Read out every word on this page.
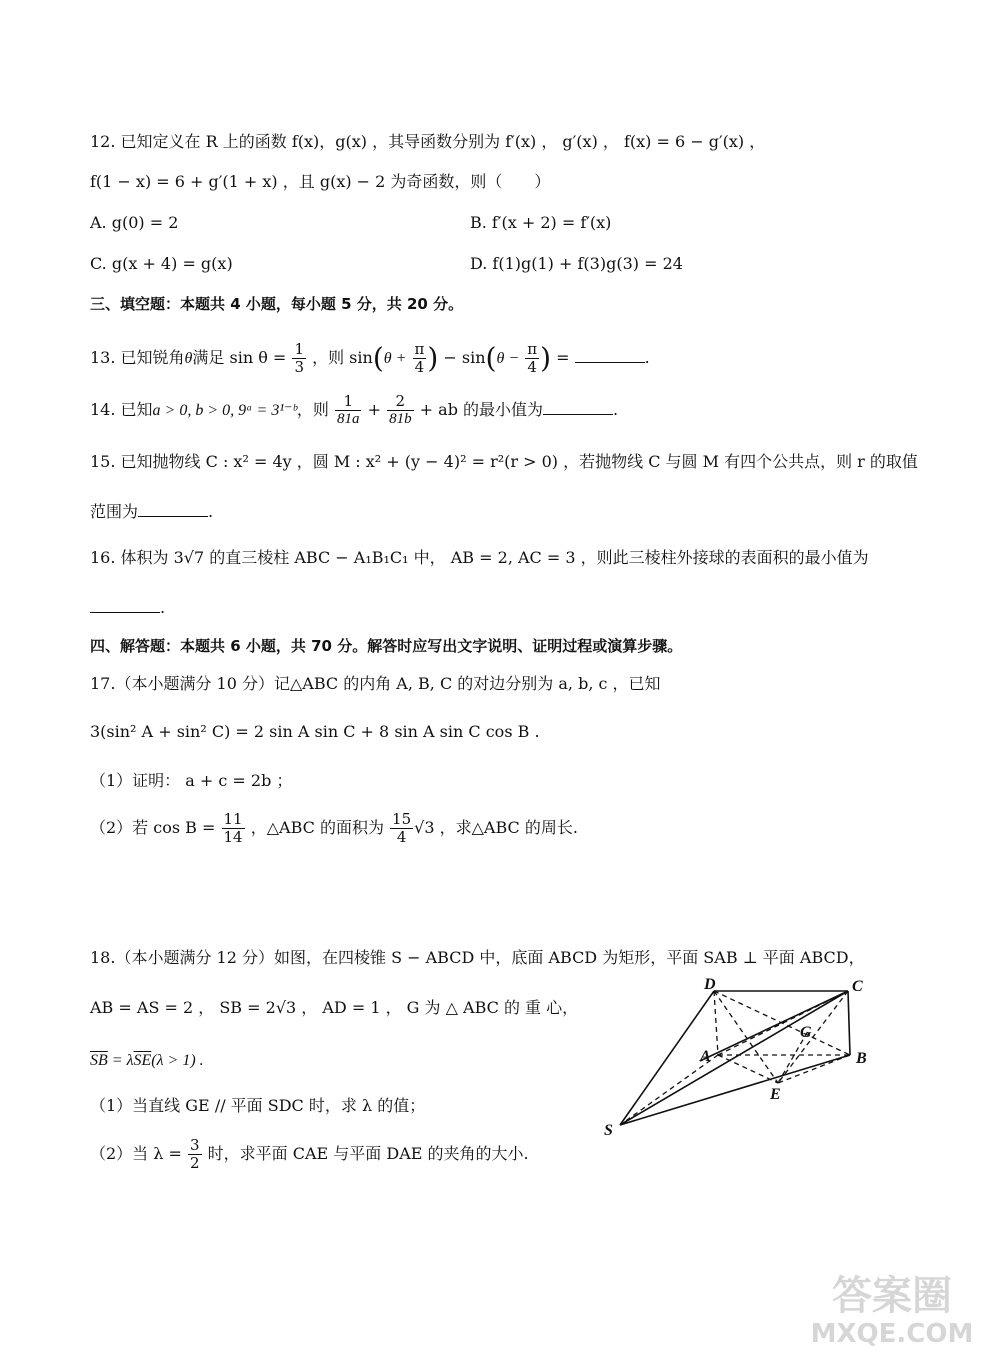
12. 已知定义在 R 上的函数 f(x)，g(x) ，其导函数分别为 f′(x) ， g′(x) ， f(x) = 6 − g′(x) ，
f(1 − x) = 6 + g′(1 + x) ，且 g(x) − 2 为奇函数，则（　　）
A. g(0) = 2	B. f′(x + 2) = f′(x)
C. g(x + 4) = g(x)	D. f(1)g(1) + f(3)g(3) = 24
三、填空题：本题共 4 小题，每小题 5 分，共 20 分。
13. 已知锐角θ满足 $\sin \theta = \frac{1}{3}$ ，则 $\sin(\theta + \frac{\pi}{4}$ ) − $\sin(\theta - \frac{\pi}{4}$ ) =	.
14. 已知a > 0, b > 0, 9ᵃ = 3¹⁻ᵇ，则 $\frac{1}{81a} + \frac{2}{81b}$ + ab 的最小值为	.
15. 已知抛物线 C : x² = 4y ，圆 M : x² + (y − 4)² = r²(r > 0) ，若抛物线 C 与圆 M 有四个公共点，则 r 的取值
范围为	.
16. 体积为 3√7 的直三棱柱 ABC − A₁B₁C₁ 中， AB = 2, AC = 3 ，则此三棱柱外接球的表面积的最小值为
.
四、解答题：本题共 6 小题，共 70 分。解答时应写出文字说明、证明过程或演算步骤。
17.（本小题满分 10 分）记△ABC 的内角 A, B, C 的对边分别为 a, b, c ，已知
3(sin² A + sin² C) = 2 sin A sin C + 8 sin A sin C cos B .
（1）证明： a + c = 2b ；
（2）若 $\cos B = \frac{11}{14}$ ，△ABC 的面积为 $\frac{15}{4} √3$ ，求△ABC 的周长.
18.（本小题满分 12 分）如图，在四棱锥 S − ABCD 中，底面 ABCD 为矩形，平面 SAB ⊥ 平面 ABCD，
AB = AS = 2 ， SB = 2√3 ， AD = 1 ， G 为 △ ABC 的 重 心，
$\overline{SB} = \lambda\overline{SE}(\lambda > 1)$ .
（1）当直线 GE // 平面 SDC 时，求 λ 的值；
（2）当 $\lambda = \frac{3}{2}$ 时，求平面 CAE 与平面 DAE 的夹角的大小.
D	C
G
A	B
E
S
答案圈
MXQE.COM
